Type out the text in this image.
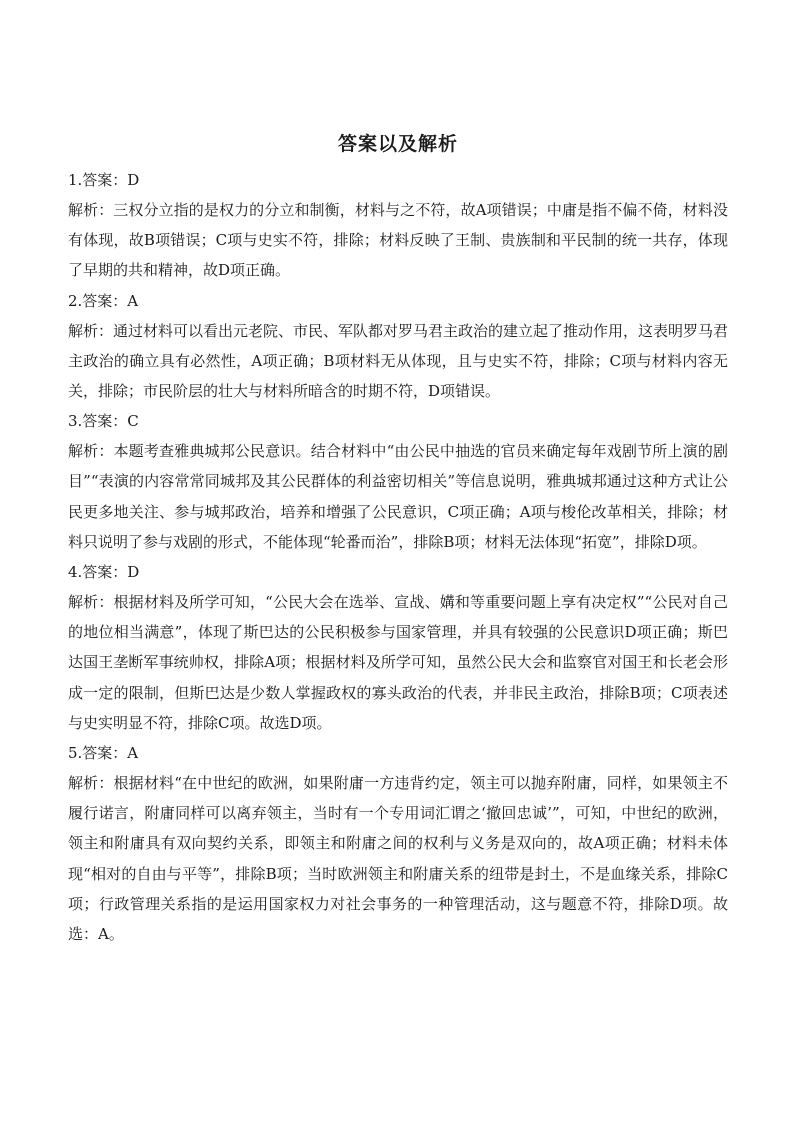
答案以及解析

1.答案：D

解析：三权分立指的是权力的分立和制衡，材料与之不符，故A项错误；中庸是指不偏不倚，材料没有体现，故B项错误；C项与史实不符，排除；材料反映了王制、贵族制和平民制的统一共存，体现了早期的共和精神，故D项正确。

2.答案：A

解析：通过材料可以看出元老院、市民、军队都对罗马君主政治的建立起了推动作用，这表明罗马君主政治的确立具有必然性，A项正确；B项材料无从体现，且与史实不符，排除；C项与材料内容无关，排除；市民阶层的壮大与材料所暗含的时期不符，D项错误。

3.答案：C

解析：本题考查雅典城邦公民意识。结合材料中“由公民中抽选的官员来确定每年戏剧节所上演的剧目”“表演的内容常常同城邦及其公民群体的利益密切相关”等信息说明，雅典城邦通过这种方式让公民更多地关注、参与城邦政治，培养和增强了公民意识，C项正确；A项与梭伦改革相关，排除；材料只说明了参与戏剧的形式，不能体现“轮番而治”，排除B项；材料无法体现“拓宽”，排除D项。

4.答案：D

解析：根据材料及所学可知，“公民大会在选举、宣战、媾和等重要问题上享有决定权”“公民对自己的地位相当满意”，体现了斯巴达的公民积极参与国家管理，并具有较强的公民意识D项正确；斯巴达国王垄断军事统帅权，排除A项；根据材料及所学可知，虽然公民大会和监察官对国王和长老会形成一定的限制，但斯巴达是少数人掌握政权的寡头政治的代表，并非民主政治，排除B项；C项表述与史实明显不符，排除C项。故选D项。

5.答案：A

解析：根据材料“在中世纪的欧洲，如果附庸一方违背约定，领主可以抛弃附庸，同样，如果领主不履行诺言，附庸同样可以离弃领主，当时有一个专用词汇谓之‘撤回忠诚’”，可知，中世纪的欧洲，领主和附庸具有双向契约关系，即领主和附庸之间的权利与义务是双向的，故A项正确；材料未体现“相对的自由与平等”，排除B项；当时欧洲领主和附庸关系的纽带是封土，不是血缘关系，排除C项；行政管理关系指的是运用国家权力对社会事务的一种管理活动，这与题意不符，排除D项。故选：A。
